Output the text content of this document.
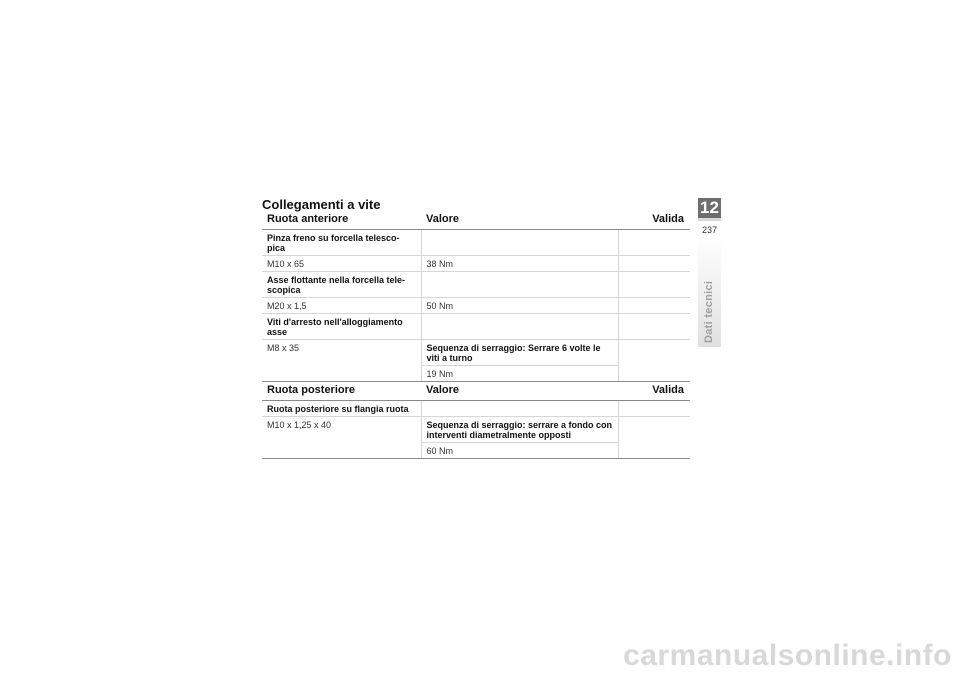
Collegamenti a vite
Ruota anteriore	Valore	Valida
Pinza freno su forcella telesco-pica		
M10 x 65	38 Nm	
Asse flottante nella forcella tele-scopica		
M20 x 1,5	50 Nm	
Viti d'arresto nell'alloggiamento asse		
M8 x 35	Sequenza di serraggio: Serrare 6 volte le viti a turno	
	19 Nm	
Ruota posteriore	Valore	Valida
Ruota posteriore su flangia ruota		
M10 x 1,25 x 40	Sequenza di serraggio: serrare a fondo con interventi diametralmente opposti	
	60 Nm	
12
237
Dati tecnici
carmanualsonline.info
